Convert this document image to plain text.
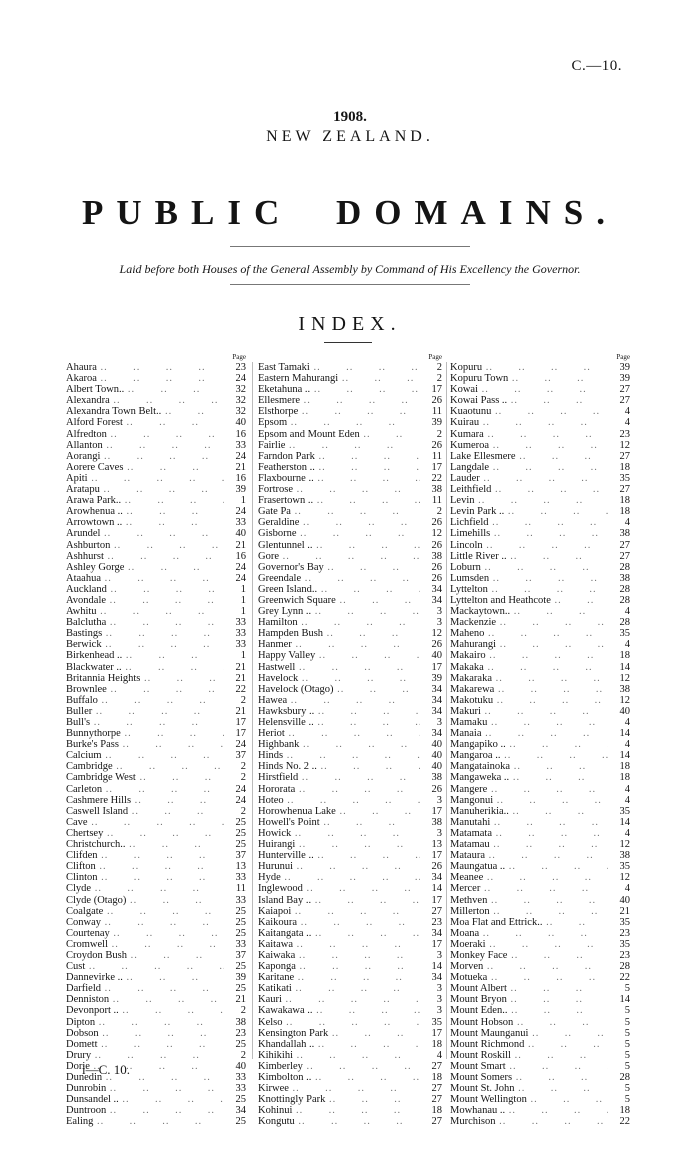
C.—10.
1908.
NEW ZEALAND.
PUBLIC DOMAINS.
Laid before both Houses of the General Assembly by Command of His Excellency the Governor.
INDEX.
Page
Ahaura ..	23
Akaroa ..	24
Albert Town.. ..	32
Alexandra ..	32
Alexandra Town Belt.. ..	32
Alford Forest ..	40
Alfredton ..	16
Allanton ..	33
Aorangi ..	24
Aorere Caves ..	21
Apiti ..	16
Aratapu ..	39
Arawa Park.. ..	1
Arowhenua .. ..	24
Arrowtown .. ..	33
Arundel ..	40
Ashburton ..	21
Ashhurst ..	16
Ashley Gorge ..	24
Ataahua ..	24
Auckland ..	1
Avondale ..	1
Awhitu ..	1
Balclutha ..	33
Bastings ..	33
Berwick ..	33
Birkenhead .. ..	1
Blackwater .. ..	21
Britannia Heights ..	21
Brownlee ..	22
Buffalo ..	2
Buller ..	21
Bull's ..	17
Bunnythorpe ..	17
Burke's Pass ..	24
Calcium ..	37
Cambridge ..	2
Cambridge West ..	2
Carleton ..	24
Cashmere Hills ..	24
Caswell Island ..	2
Cave ..	25
Chertsey ..	25
Christchurch.. ..	25
Clifden ..	37
Clifton ..	13
Clinton ..	33
Clyde ..	11
Clyde (Otago) ..	33
Coalgate ..	25
Conway ..	25
Courtenay ..	25
Cromwell ..	33
Croydon Bush ..	37
Cust ..	25
Dannevirke .. ..	39
Darfield ..	25
Denniston ..	21
Devonport .. ..	2
Dipton ..	38
Dobson ..	23
Domett ..	25
Drury ..	2
Dorie ..	40
Dunedin ..	33
Dunrobin ..	33
Dunsandel .. ..	25
Duntroon ..	34
Ealing ..	25
Page
East Tamaki ..	2
Eastern Mahurangi ..	2
Eketahuna .. ..	17
Ellesmere ..	26
Elsthorpe ..	11
Epsom ..	39
Epsom and Mount Eden ..	2
Fairlie ..	26
Farndon Park ..	11
Featherston .. ..	17
Flaxbourne .. ..	22
Fortrose ..	38
Frasertown .. ..	11
Gate Pa ..	2
Geraldine ..	26
Gisborne ..	12
Glentunnel .. ..	26
Gore ..	38
Governor's Bay ..	26
Greendale ..	26
Green Island.. ..	34
Greenwich Square ..	34
Grey Lynn .. ..	3
Hamilton ..	3
Hampden Bush ..	12
Hanmer ..	26
Happy Valley ..	40
Hastwell ..	17
Havelock ..	39
Havelock (Otago) ..	34
Hawea ..	34
Hawksbury .. ..	34
Helensville .. ..	3
Heriot ..	34
Highbank ..	40
Hinds ..	40
Hinds No. 2 .. ..	40
Hirstfield ..	38
Hororata ..	26
Hoteo ..	3
Horowhenua Lake ..	17
Howell's Point ..	38
Howick ..	3
Huirangi ..	13
Hunterville .. ..	17
Hurunui ..	26
Hyde ..	34
Inglewood ..	14
Island Bay .. ..	17
Kaiapoi ..	27
Kaikoura ..	23
Kaitangata .. ..	34
Kaitawa ..	17
Kaiwaka ..	3
Kaponga ..	14
Karitane ..	34
Katikati ..	3
Kauri ..	3
Kawakawa .. ..	3
Kelso ..	35
Kensington Park ..	17
Khandallah .. ..	18
Kihikihi ..	4
Kimberley ..	27
Kimbolton .. ..	18
Kirwee ..	27
Knottingly Park ..	27
Kohinui ..	18
Kongutu ..	27
Page
Kopuru ..	39
Kopuru Town ..	39
Kowai ..	27
Kowai Pass .. ..	27
Kuaotunu ..	4
Kuirau ..	4
Kumara ..	23
Kumeroa ..	12
Lake Ellesmere ..	27
Langdale ..	18
Lauder ..	35
Leithfield ..	27
Levin ..	18
Levin Park .. ..	18
Lichfield ..	4
Limehills ..	38
Lincoln ..	27
Little River .. ..	27
Loburn ..	28
Lumsden ..	38
Lyttelton ..	28
Lyttelton and Heathcote ..	28
Mackaytown.. ..	4
Mackenzie ..	28
Maheno ..	35
Mahurangi ..	4
Makairo ..	18
Makaka ..	14
Makaraka ..	12
Makarewa ..	38
Makotuku ..	12
Makuri ..	40
Mamaku ..	4
Manaia ..	14
Mangapiko .. ..	4
Mangaroa .. ..	14
Mangatainoka ..	18
Mangaweka .. ..	18
Mangere ..	4
Mangonui ..	4
Manuherikia.. ..	35
Manutahi ..	14
Matamata ..	4
Matamau ..	12
Mataura ..	38
Maungatua .. ..	35
Meanee ..	12
Mercer ..	4
Methven ..	40
Millerton ..	21
Moa Flat and Ettrick.. ..	35
Moana ..	23
Moeraki ..	35
Monkey Face ..	23
Morven ..	28
Motueka ..	22
Mount Albert ..	5
Mount Bryon ..	14
Mount Eden.. ..	5
Mount Hobson ..	5
Mount Maunganui ..	5
Mount Richmond ..	5
Mount Roskill ..	5
Mount Smart ..	5
Mount Somers ..	28
Mount St. John ..	5
Mount Wellington ..	5
Mowhanau .. ..	18
Murchison ..	22
i—C. 10.
